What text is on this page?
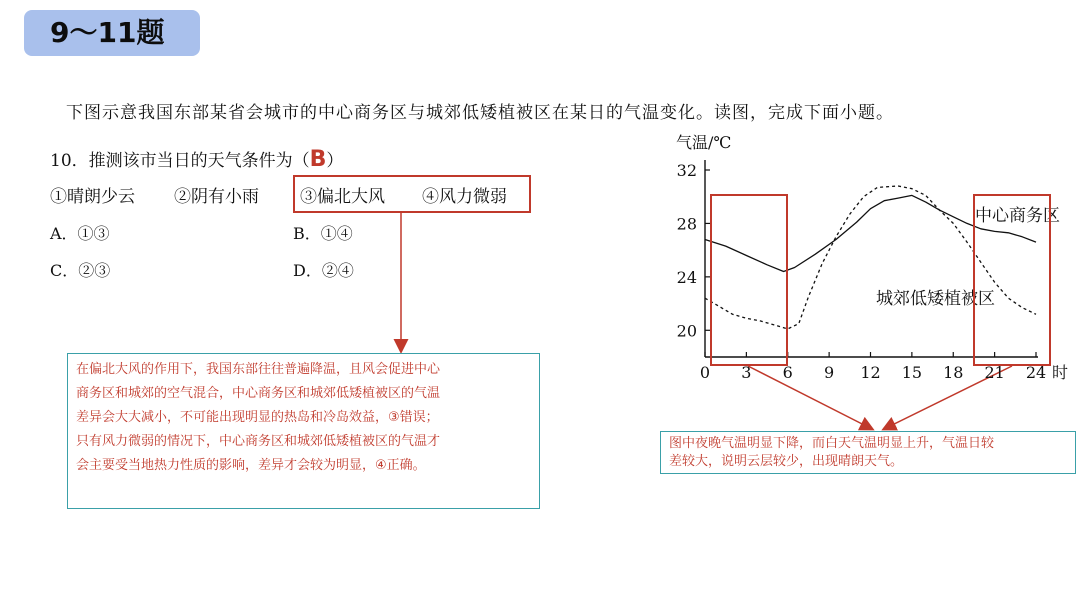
9～11题
下图示意我国东部某省会城市的中心商务区与城郊低矮植被区在某日的气温变化。读图，完成下面小题。
10．推测该市当日的天气条件为（B）
①晴朗少云 ②阴有小雨 ③偏北大风 ④风力微弱
A．①③	B．①④
C．②③	D．②④

在偏北大风的作用下，我国东部往往普遍降温，且风会促进中心

商务区和城郊的空气混合，中心商务区和城郊低矮植被区的气温

差异会大大减小，不可能出现明显的热岛和冷岛效益，③错误；

只有风力微弱的情况下，中心商务区和城郊低矮植被区的气温才

会主要受当地热力性质的影响，差异才会较为明显，④正确。

图中夜晚气温明显下降，而白天气温明显上升，气温日较

差较大，说明云层较少，出现晴朗天气。

20
24
28
32
0 3 6 9 12 15 18 21 24
气温/℃
时
中心商务区
城郊低矮植被区
